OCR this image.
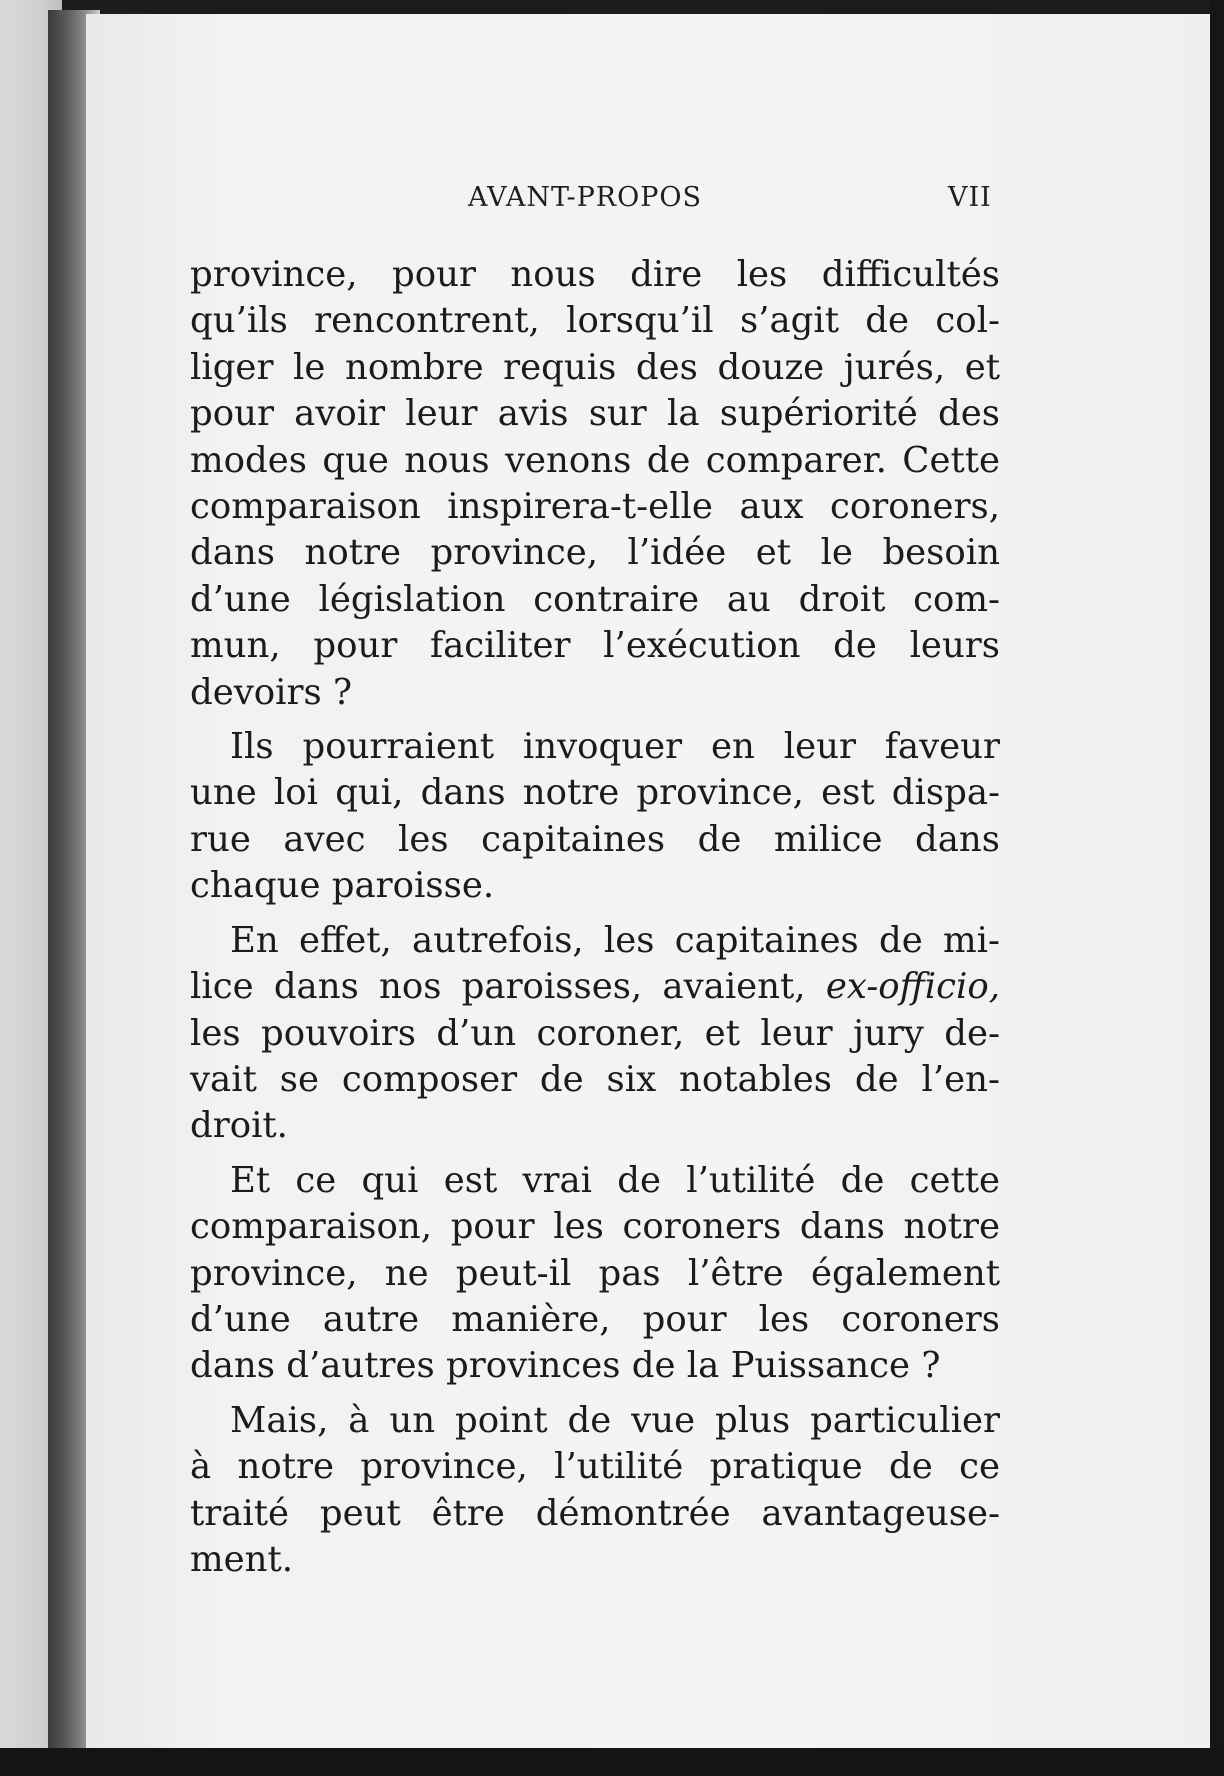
AVANT-PROPOS	VII
province, pour nous dire les difficultés
qu’ils rencontrent, lorsqu’il s’agit de col-
liger le nombre requis des douze jurés, et
pour avoir leur avis sur la supériorité des
modes que nous venons de comparer. Cette
comparaison inspirera-t-elle aux coroners,
dans notre province, l’idée et le besoin
d’une législation contraire au droit com-
mun, pour faciliter l’exécution de leurs
devoirs ?
Ils pourraient invoquer en leur faveur
une loi qui, dans notre province, est dispa-
rue avec les capitaines de milice dans
chaque paroisse.
En effet, autrefois, les capitaines de mi-
lice dans nos paroisses, avaient, ex-officio,
les pouvoirs d’un coroner, et leur jury de-
vait se composer de six notables de l’en-
droit.
Et ce qui est vrai de l’utilité de cette
comparaison, pour les coroners dans notre
province, ne peut-il pas l’être également
d’une autre manière, pour les coroners
dans d’autres provinces de la Puissance ?
Mais, à un point de vue plus particulier
à notre province, l’utilité pratique de ce
traité peut être démontrée avantageuse-
ment.
